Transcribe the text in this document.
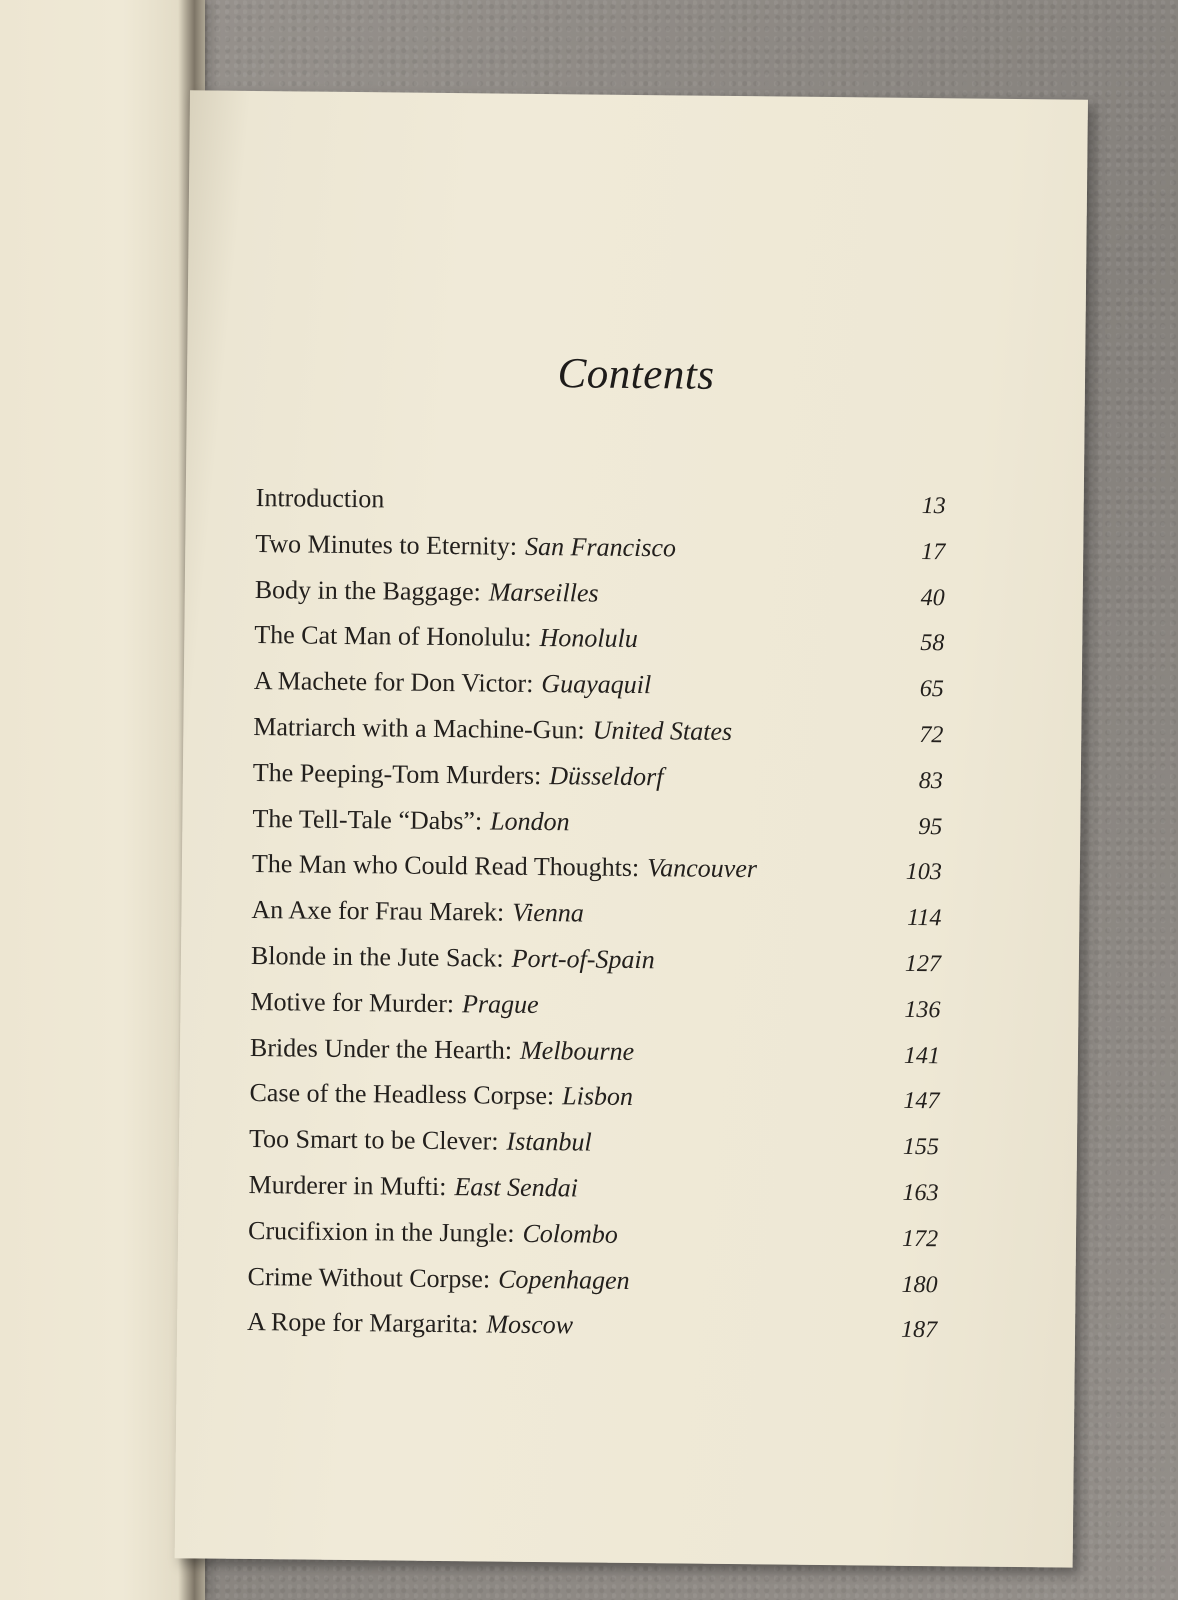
Contents
Introduction	13
Two Minutes to Eternity: San Francisco	17
Body in the Baggage: Marseilles	40
The Cat Man of Honolulu: Honolulu	58
A Machete for Don Victor: Guayaquil	65
Matriarch with a Machine-Gun: United States	72
The Peeping-Tom Murders: Düsseldorf	83
The Tell-Tale “Dabs”: London	95
The Man who Could Read Thoughts: Vancouver	103
An Axe for Frau Marek: Vienna	114
Blonde in the Jute Sack: Port-of-Spain	127
Motive for Murder: Prague	136
Brides Under the Hearth: Melbourne	141
Case of the Headless Corpse: Lisbon	147
Too Smart to be Clever: Istanbul	155
Murderer in Mufti: East Sendai	163
Crucifixion in the Jungle: Colombo	172
Crime Without Corpse: Copenhagen	180
A Rope for Margarita: Moscow	187
